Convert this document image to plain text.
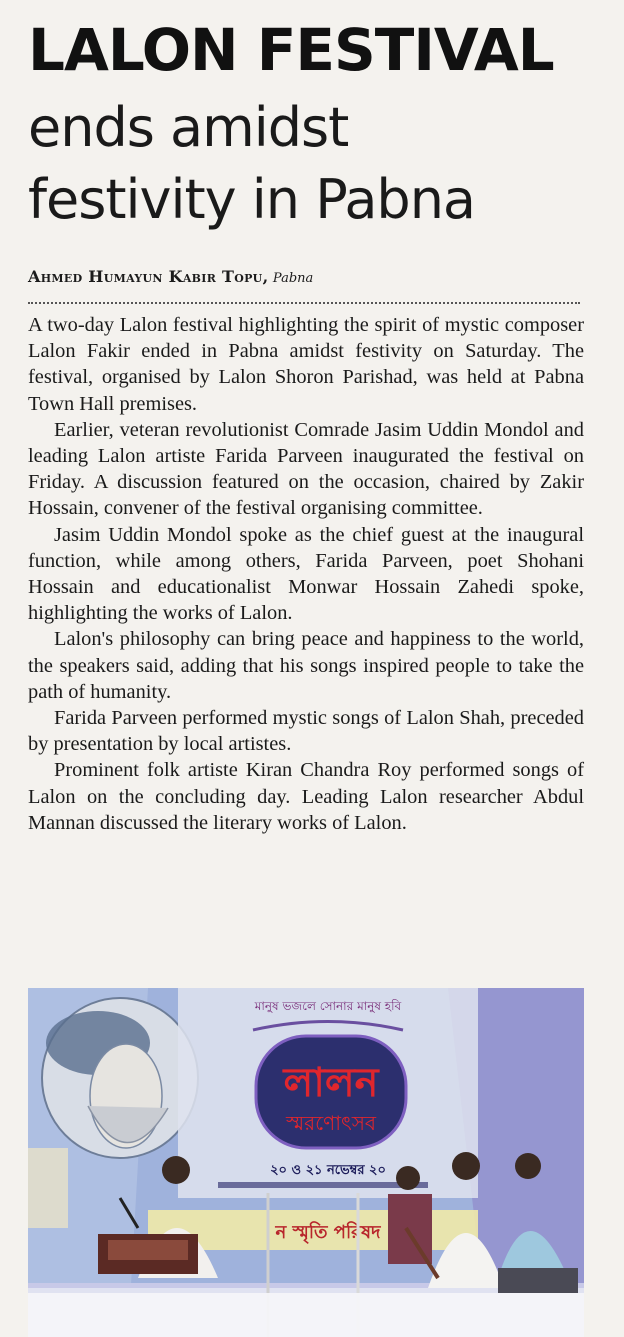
LALON FESTIVAL
ends amidst
festivity in Pabna
Ahmed Humayun Kabir Topu, Pabna

A two-day Lalon festival highlighting the spirit of mystic composer Lalon Fakir ended in Pabna amidst festivity on Saturday. The festival, organised by Lalon Shoron Parishad, was held at Pabna Town Hall premises.

Earlier, veteran revolutionist Comrade Jasim Uddin Mondol and leading Lalon artiste Farida Parveen inaugurated the festival on Friday. A discussion featured on the occasion, chaired by Zakir Hossain, convener of the festival organising committee.

Jasim Uddin Mondol spoke as the chief guest at the inaugural function, while among others, Farida Parveen, poet Shohani Hossain and educationalist Monwar Hossain Zahedi spoke, highlighting the works of Lalon.

Lalon's philosophy can bring peace and happiness to the world, the speakers said, adding that his songs inspired people to take the path of humanity.

Farida Parveen performed mystic songs of Lalon Shah, preceded by presentation by local artistes.

Prominent folk artiste Kiran Chandra Roy performed songs of Lalon on the concluding day. Leading Lalon researcher Abdul Mannan discussed the literary works of Lalon.

মানুষ ভজলে সোনার মানুষ হবি
লালন
স্মরণোৎসব
২০ ও ২১ নভেম্বর ২০
ন স্মৃতি পরিষদ
